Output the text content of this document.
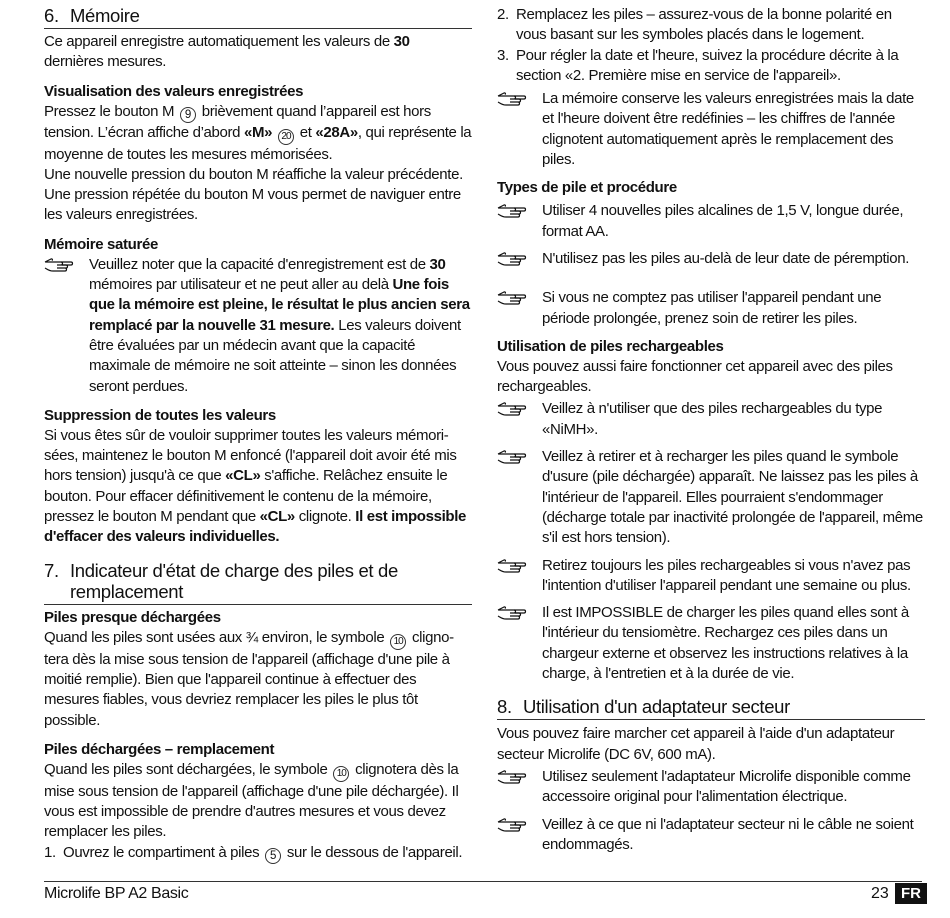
6. Mémoire

Ce appareil enregistre automatiquement les valeurs de 30 dernières mesures.

Visualisation des valeurs enregistrées

Pressez le bouton M 9 brièvement quand l’appareil est hors tension. L’écran affiche d’abord «M» 20 et «28A», qui représente la moyenne de toutes les mesures mémorisées.

Une nouvelle pression du bouton M réaffiche la valeur précédente. Une pression répétée du bouton M vous permet de naviguer entre les valeurs enregistrées.

Mémoire saturée
Veuillez noter que la capacité d'enregistrement est de 30 mémoires par utilisateur et ne peut aller au delà Une fois que la mémoire est pleine, le résultat le plus ancien sera remplacé par la nouvelle 31 mesure. Les valeurs doivent être évaluées par un médecin avant que la capacité maximale de mémoire ne soit atteinte – sinon les données seront perdues.
Suppression de toutes les valeurs

Si vous êtes sûr de vouloir supprimer toutes les valeurs mémori-sées, maintenez le bouton M enfoncé (l'appareil doit avoir été mis hors tension) jusqu'à ce que «CL» s'affiche. Relâchez ensuite le bouton. Pour effacer définitivement le contenu de la mémoire, pressez le bouton M pendant que «CL» clignote. Il est impossible d'effacer des valeurs individuelles.

7. Indicateur d'état de charge des piles et de
remplacement
Piles presque déchargées

Quand les piles sont usées aux ¾ environ, le symbole 10 cligno-tera dès la mise sous tension de l'appareil (affichage d'une pile à moitié remplie). Bien que l'appareil continue à effectuer des mesures fiables, vous devriez remplacer les piles le plus tôt possible.

Piles déchargées – remplacement

Quand les piles sont déchargées, le symbole 10 clignotera dès la mise sous tension de l'appareil (affichage d'une pile déchargée). Il vous est impossible de prendre d'autres mesures et vous devez remplacer les piles.

1. Ouvrez le compartiment à piles 5 sur le dessous de l'appareil.
2. Remplacez les piles – assurez-vous de la bonne polarité en vous basant sur les symboles placés dans le logement.
3. Pour régler la date et l'heure, suivez la procédure décrite à la section «2. Première mise en service de l'appareil».
La mémoire conserve les valeurs enregistrées mais la date et l'heure doivent être redéfinies – les chiffres de l'année clignotent automatiquement après le remplacement des piles.
Types de pile et procédure
Utiliser 4 nouvelles piles alcalines de 1,5 V, longue durée, format AA.
N'utilisez pas les piles au-delà de leur date de péremption.
Si vous ne comptez pas utiliser l'appareil pendant une période prolongée, prenez soin de retirer les piles.
Utilisation de piles rechargeables

Vous pouvez aussi faire fonctionner cet appareil avec des piles rechargeables.

Veillez à n'utiliser que des piles rechargeables du type «NiMH».
Veillez à retirer et à recharger les piles quand le symbole d'usure (pile déchargée) apparaît. Ne laissez pas les piles à l'intérieur de l'appareil. Elles pourraient s'endommager (décharge totale par inactivité prolongée de l'appareil, même s'il est hors tension).
Retirez toujours les piles rechargeables si vous n'avez pas l'intention d'utiliser l'appareil pendant une semaine ou plus.
Il est IMPOSSIBLE de charger les piles quand elles sont à l'intérieur du tensiomètre. Rechargez ces piles dans un chargeur externe et observez les instructions relatives à la charge, à l'entretien et à la durée de vie.
8. Utilisation d'un adaptateur secteur

Vous pouvez faire marcher cet appareil à l'aide d'un adaptateur secteur Microlife (DC 6V, 600 mA).

Utilisez seulement l'adaptateur Microlife disponible comme accessoire original pour l'alimentation électrique.
Veillez à ce que ni l'adaptateur secteur ni le câble ne soient endommagés.
Microlife BP A2 Basic	23 FR
